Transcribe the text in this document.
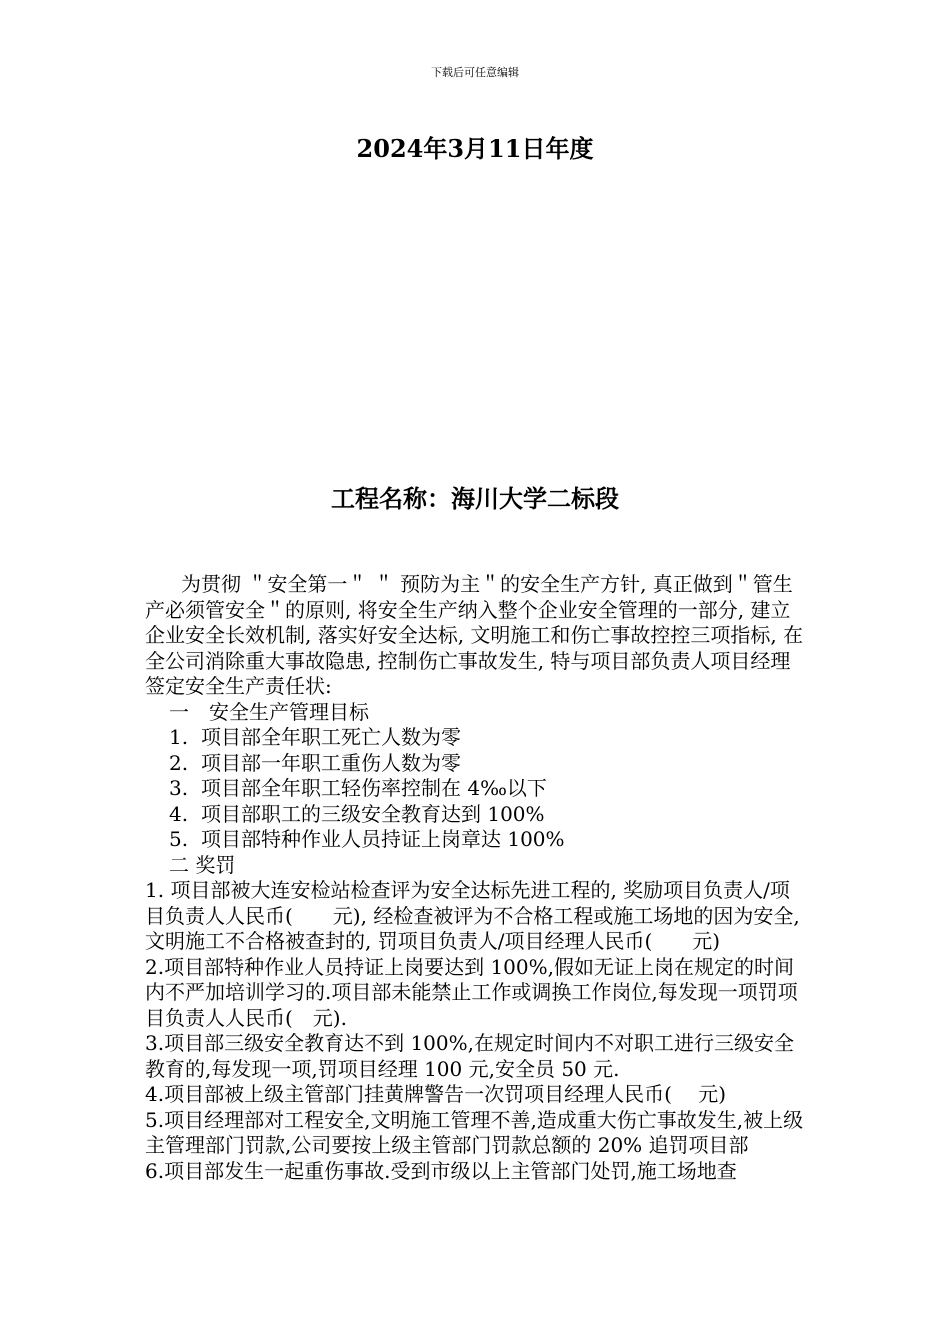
下载后可任意编辑
2024年3月11日年度
工程名称：海川大学二标段

为贯彻 ＂安全第一＂ ＂ 预防为主＂的安全生产方针, 真正做到＂管生产必须管安全＂的原则, 将安全生产纳入整个企业安全管理的一部分, 建立企业安全长效机制, 落实好安全达标, 文明施工和伤亡事故控控三项指标, 在全公司消除重大事故隐患, 控制伤亡事故发生, 特与项目部负责人项目经理签定安全生产责任状:

一　安全生产管理目标

1. 项目部全年职工死亡人数为零

2. 项目部一年职工重伤人数为零

3. 项目部全年职工轻伤率控制在 4‰以下

4. 项目部职工的三级安全教育达到 100%

5. 项目部特种作业人员持证上岗章达 100%

二 奖罚

1. 项目部被大连安检站检查评为安全达标先进工程的, 奖励项目负责人/项目负责人人民币(　　元), 经检查被评为不合格工程或施工场地的因为安全, 文明施工不合格被查封的, 罚项目负责人/项目经理人民币(　　元)

2.项目部特种作业人员持证上岗要达到 100%,假如无证上岗在规定的时间内不严加培训学习的.项目部未能禁止工作或调换工作岗位,每发现一项罚项目负责人人民币(　元).

3.项目部三级安全教育达不到 100%,在规定时间内不对职工进行三级安全教育的,每发现一项,罚项目经理 100 元,安全员 50 元.

4.项目部被上级主管部门挂黄牌警告一次罚项目经理人民币(　 元)

5.项目经理部对工程安全,文明施工管理不善,造成重大伤亡事故发生,被上级主管理部门罚款,公司要按上级主管部门罚款总额的 20% 追罚项目部

6.项目部发生一起重伤事故.受到市级以上主管部门处罚,施工场地查
